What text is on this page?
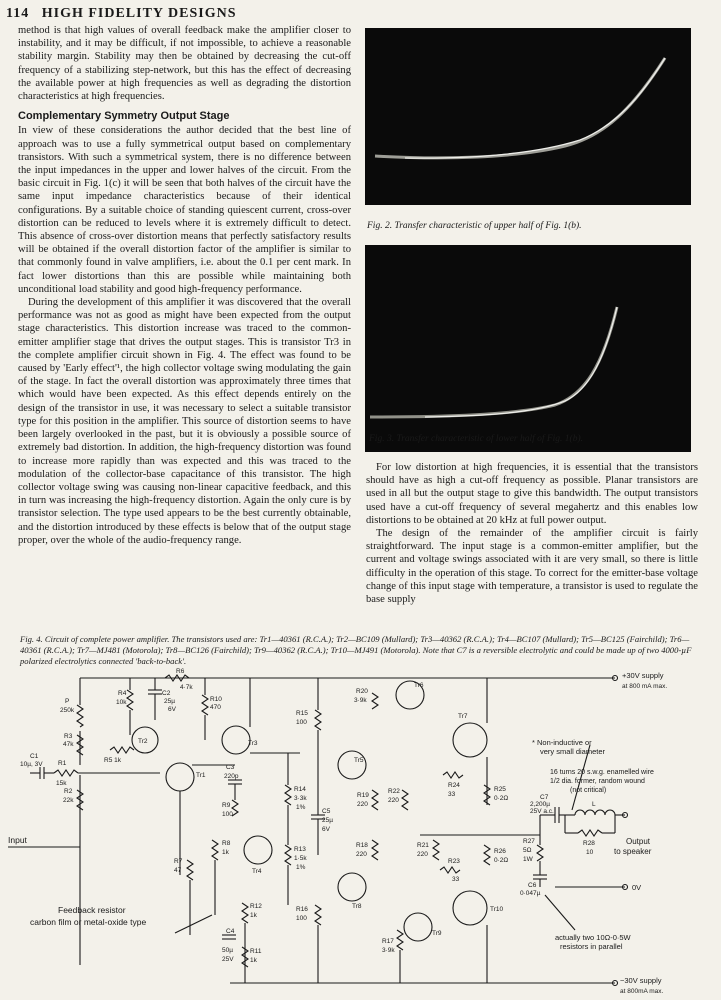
114 HIGH FIDELITY DESIGNS

method is that high values of overall feedback make the amplifier closer to instability, and it may be difficult, if not impossible, to achieve a reasonable stability margin. Stability may then be obtained by decreasing the cut-off frequency of a stabilizing step-network, but this has the effect of decreasing the available power at high frequencies as well as degrading the distortion characteristics at high frequencies.

Complementary Symmetry Output Stage

In view of these considerations the author decided that the best line of approach was to use a fully symmetrical output based on complementary transistors. With such a symmetrical system, there is no difference between the input impedances in the upper and lower halves of the circuit. From the basic circuit in Fig. 1(c) it will be seen that both halves of the circuit have the same input impedance characteristics because of their identical configurations. By a suitable choice of standing quiescent current, cross-over distortion can be reduced to levels where it is extremely difficult to detect. This absence of cross-over distortion means that perfectly satisfactory results will be obtained if the overall distortion factor of the amplifier is similar to that commonly found in valve amplifiers, i.e. about the 0.1 per cent mark. In fact lower distortions than this are possible while maintaining both unconditional load stability and good high-frequency performance.

During the development of this amplifier it was discovered that the overall performance was not as good as might have been expected from the output stage characteristics. This distortion increase was traced to the common-emitter amplifier stage that drives the output stages. This is transistor Tr3 in the complete amplifier circuit shown in Fig. 4. The effect was found to be caused by 'Early effect'¹, the high collector voltage swing modulating the gain of the stage. In fact the overall distortion was approximately three times that which would have been expected. As this effect depends entirely on the design of the transistor in use, it was necessary to select a suitable transistor type for this position in the amplifier. This source of distortion seems to have been largely overlooked in the past, but it is obviously a possible source of extremely bad distortion. In addition, the high-frequency distortion was found to increase more rapidly than was expected and this was traced to the modulation of the collector-base capacitance of this transistor. The high collector voltage swing was causing non-linear capacitive feedback, and this in turn was increasing the high-frequency distortion. Again the only cure is by transistor selection. The type used appears to be the best currently obtainable, and the distortion introduced by these effects is below that of the output stage proper, over the whole of the audio-frequency range.

Fig. 2. Transfer characteristic of upper half of Fig. 1(b).
Fig. 3. Transfer characteristic of lower half of Fig. 1(b).

For low distortion at high frequencies, it is essential that the transistors should have as high a cut-off frequency as possible. Planar transistors are used in all but the output stage to give this bandwidth. The output transistors used have a cut-off frequency of several megahertz and this enables low distortions to be obtained at 20 kHz at full power output.

The design of the remainder of the amplifier circuit is fairly straightforward. The input stage is a common-emitter amplifier, but the current and voltage swings associated with it are very small, so there is little difficulty in the operation of this stage. To correct for the emitter-base voltage change of this input stage with temperature, a transistor is used to regulate the base supply

Fig. 4. Circuit of complete power amplifier. The transistors used are: Tr1—40361 (R.C.A.); Tr2—BC109 (Mullard); Tr3—40362 (R.C.A.); Tr4—BC107 (Mullard); Tr5—BC125 (Fairchild); Tr6—40361 (R.C.A.); Tr7—MJ481 (Motorola); Tr8—BC126 (Fairchild); Tr9—40362 (R.C.A.); Tr10—MJ491 (Motorola). Note that C7 is a reversible electrolytic and could be made up of two 4000-µF polarized electrolytics connected 'back-to-back'.
+30V supply
at 800 mA max.
−30V supply
at 800mA max.
0V
Input	Output
to speaker
* Non-inductive or
very small diameter
16 turns 20 s.w.g. enamelled wire
1/2 dia. former, random wound
(not critical)
Feedback resistor
carbon film or metal-oxide type
actually two 10Ω-0·5W
resistors in parallel
P
250k
R4
10k
R6
4·7k
C2
25µ
6V
R10
470
R3
47k
C1
10µ, 3V R1
15k
R2
22k
R5 1k
Tr2
Tr1
Tr3
C3
220p
R9
100
R7
47
R8
1k
Tr4
R12
1k
C4
50µ
25V
R11
1k
R14
3·3k
1%
R13
1·5k
1%
R15
100
C5
25µ
6V
R16
100
R20
3·9k
Tr6
Tr5
Tr7
R19
220
R22
220
R24
33
R25
0·2Ω
R18
220
R21
220
R23
33
R26
0·2Ω
Tr8
Tr9
Tr10
R17
3·9k
C7
2,200µ
25V a.c.
R27
5Ω
1W
C6
0·047µ
R28
10
L
